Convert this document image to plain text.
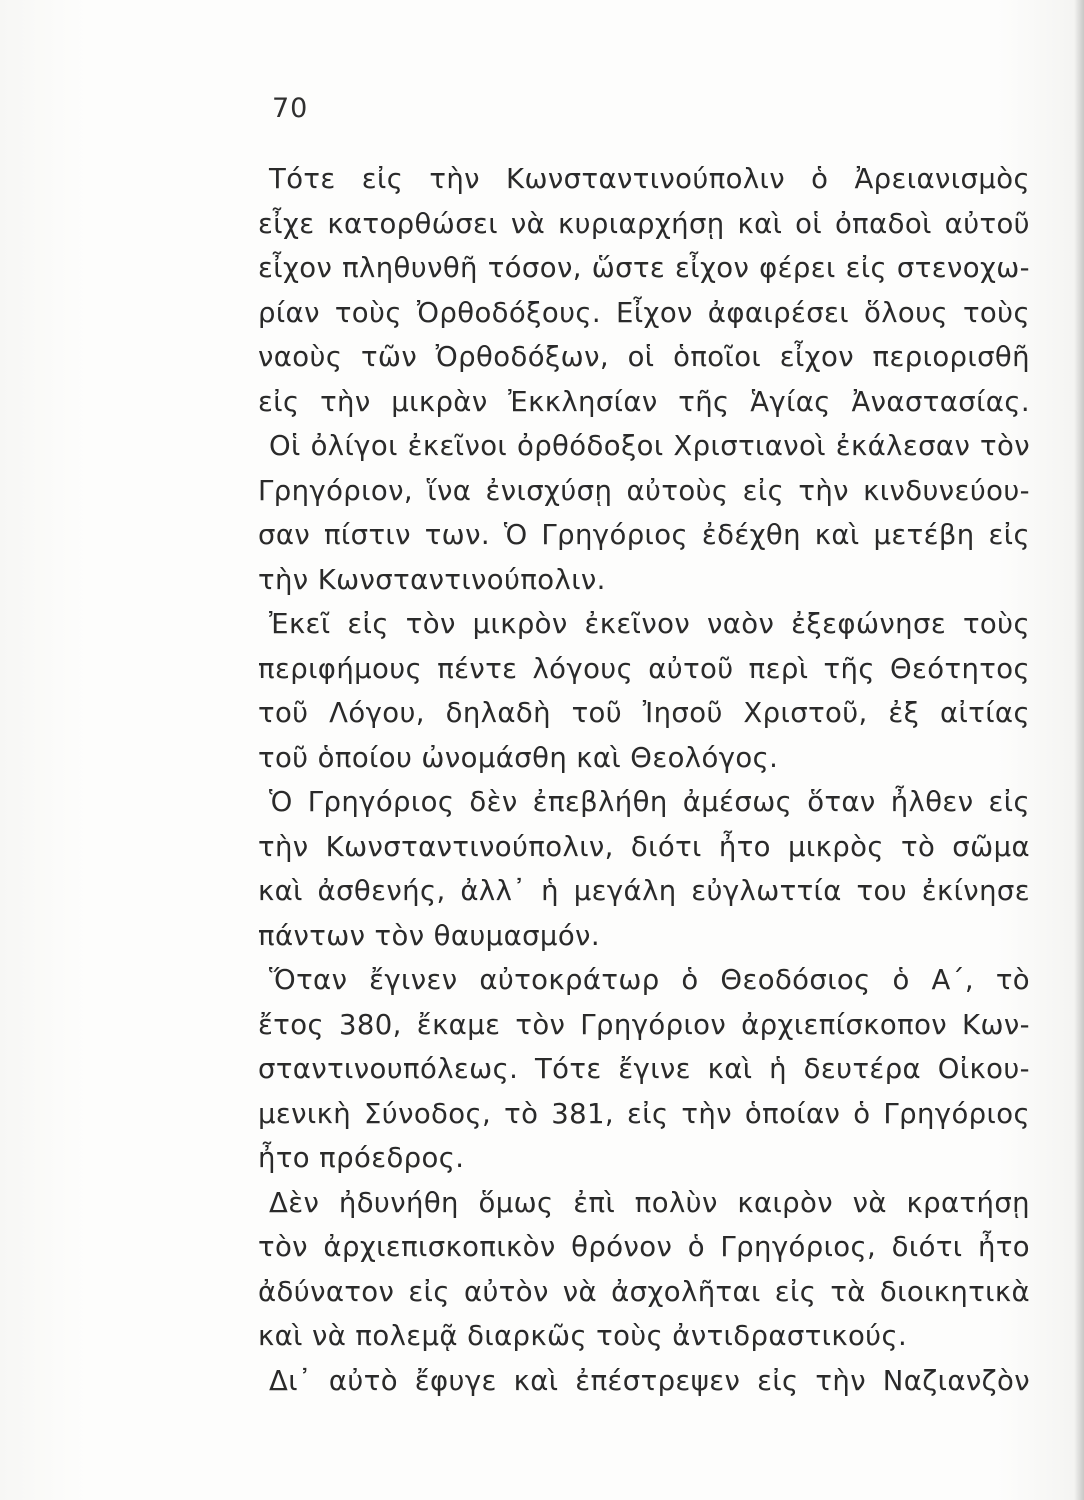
70
Τότε εἰς τὴν Κωνσταντινούπολιν ὁ Ἀρειανισμὸς
εἶχε κατορθώσει νὰ κυριαρχήσῃ καὶ οἱ ὀπαδοὶ αὐτοῦ
εἶχον πληθυνθῆ τόσον, ὥστε εἶχον φέρει εἰς στενοχω-
ρίαν τοὺς Ὀρθοδόξους. Εἶχον ἀφαιρέσει ὅλους τοὺς
ναοὺς τῶν Ὀρθοδόξων, οἱ ὁποῖοι εἶχον περιορισθῆ
εἰς τὴν μικρὰν Ἐκκλησίαν τῆς Ἁγίας Ἀναστασίας.
Οἱ ὀλίγοι ἐκεῖνοι ὀρθόδοξοι Χριστιανοὶ ἐκάλεσαν τὸν
Γρηγόριον, ἵνα ἐνισχύσῃ αὐτοὺς εἰς τὴν κινδυνεύου-
σαν πίστιν των. Ὁ Γρηγόριος ἐδέχθη καὶ μετέβη εἰς
τὴν Κωνσταντινούπολιν.
Ἐκεῖ εἰς τὸν μικρὸν ἐκεῖνον ναὸν ἐξεφώνησε τοὺς
περιφήμους πέντε λόγους αὐτοῦ περὶ τῆς Θεότητος
τοῦ Λόγου, δηλαδὴ τοῦ Ἰησοῦ Χριστοῦ, ἐξ αἰτίας
τοῦ ὁποίου ὠνομάσθη καὶ Θεολόγος.
Ὁ Γρηγόριος δὲν ἐπεβλήθη ἀμέσως ὅταν ἦλθεν εἰς
τὴν Κωνσταντινούπολιν, διότι ἦτο μικρὸς τὸ σῶμα
καὶ ἀσθενής, ἀλλ᾿ ἡ μεγάλη εὐγλωττία του ἐκίνησε
πάντων τὸν θαυμασμόν.
Ὅταν ἔγινεν αὐτοκράτωρ ὁ Θεοδόσιος ὁ Α΄, τὸ
ἔτος 380, ἔκαμε τὸν Γρηγόριον ἀρχιεπίσκοπον Κων-
σταντινουπόλεως. Τότε ἔγινε καὶ ἡ δευτέρα Οἰκου-
μενικὴ Σύνοδος, τὸ 381, εἰς τὴν ὁποίαν ὁ Γρηγόριος
ἦτο πρόεδρος.
Δὲν ἠδυνήθη ὅμως ἐπὶ πολὺν καιρὸν νὰ κρατήσῃ
τὸν ἀρχιεπισκοπικὸν θρόνον ὁ Γρηγόριος, διότι ἦτο
ἀδύνατον εἰς αὐτὸν νὰ ἀσχολῆται εἰς τὰ διοικητικὰ
καὶ νὰ πολεμᾷ διαρκῶς τοὺς ἀντιδραστικούς.
Δι᾿ αὐτὸ ἔφυγε καὶ ἐπέστρεψεν εἰς τὴν Ναζιανζὸν
